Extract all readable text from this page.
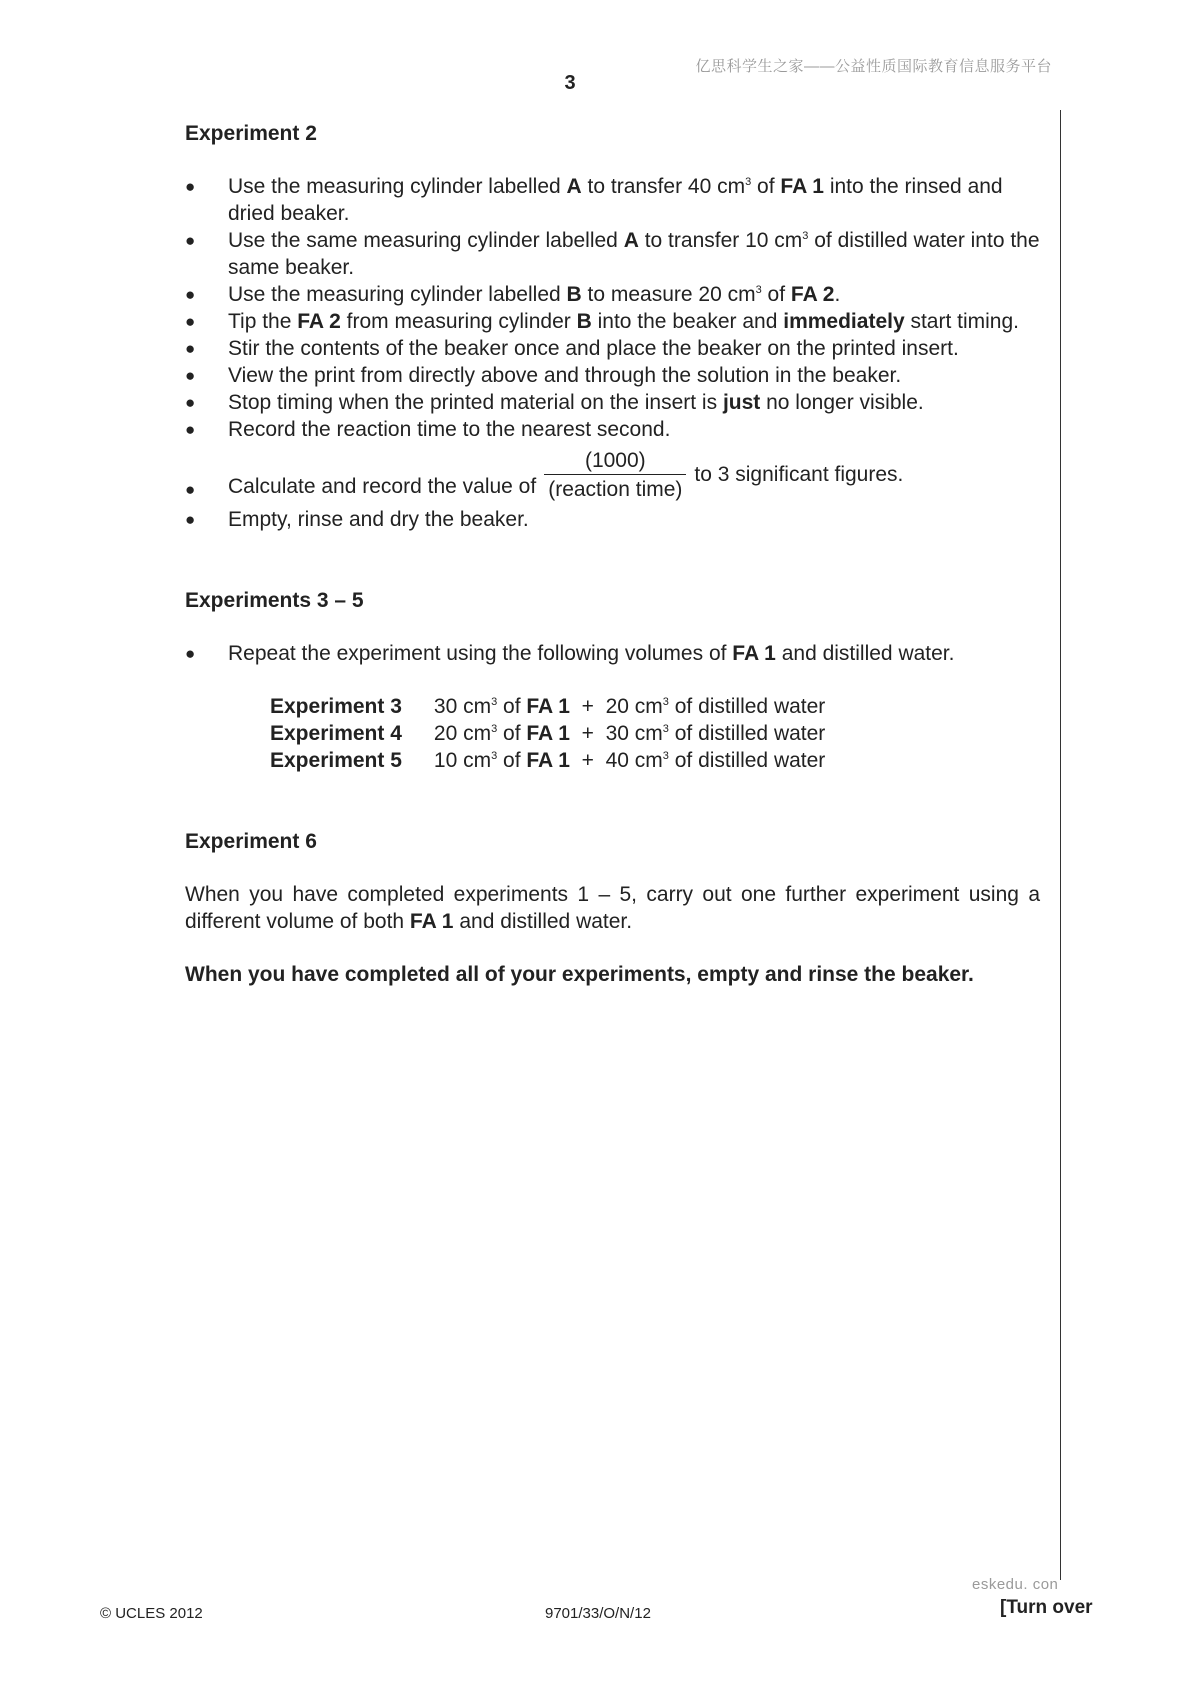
亿思科学生之家——公益性质国际教育信息服务平台
3
Experiment 2
● Use the measuring cylinder labelled A to transfer 40 $cm^3$ of FA 1 into the rinsed and dried beaker.
● Use the same measuring cylinder labelled A to transfer 10 $cm^3$ of distilled water into the same beaker.
● Use the measuring cylinder labelled B to measure 20 $cm^3$ of FA 2.
● Tip the FA 2 from measuring cylinder B into the beaker and immediately start timing.
● Stir the contents of the beaker once and place the beaker on the printed insert.
● View the print from directly above and through the solution in the beaker.
● Stop timing when the printed material on the insert is just no longer visible.
● Record the reaction time to the nearest second.
● Calculate and record the value of $\frac{(1000)}{\text{(reaction time)}}$ to 3 significant figures.
● Empty, rinse and dry the beaker.
Experiments 3 – 5
● Repeat the experiment using the following volumes of FA 1 and distilled water.
Experiment 3	30 $cm^3$ of FA 1 + 20 $cm^3$ of distilled water
Experiment 4	20 $cm^3$ of FA 1 + 30 $cm^3$ of distilled water
Experiment 5	10 $cm^3$ of FA 1 + 40 $cm^3$ of distilled water
Experiment 6

When you have completed experiments 1 – 5, carry out one further experiment using a different volume of both FA 1 and distilled water.

When you have completed all of your experiments, empty and rinse the beaker.

eskedu. con
© UCLES 2012	9701/33/O/N/12	[Turn over
